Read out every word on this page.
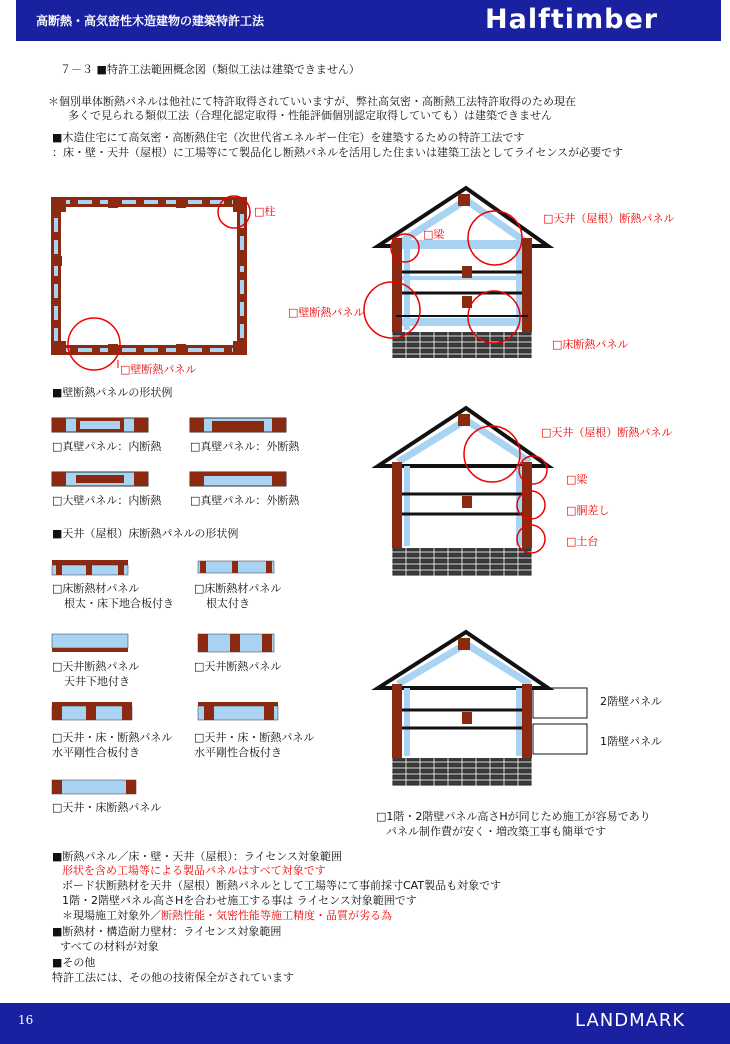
高断熱・高気密性木造建物の建築特許工法	Halftimber
７－３ ■特許工法範囲概念図（類似工法は建築できません）
＊個別単体断熱パネルは他社にて特許取得されていいますが、弊社高気密・高断熱工法特許取得のため現在
多くで見られる類似工法（合理化認定取得・性能評価個別認定取得していても）は建築できません
■木造住宅にて高気密・高断熱住宅（次世代省エネルギー住宅）を建築するための特許工法です
：床・壁・天井（屋根）に工場等にて製品化し断熱パネルを活用した住まいは建築工法としてライセンスが必要です
□柱
□壁断熱パネル
□天井（屋根）断熱パネル
□梁
□壁断熱パネル
□床断熱パネル
□天井（屋根）断熱パネル
□梁
□胴差し
□土台
2階壁パネル
1階壁パネル
□1階・2階壁パネル高さHが同じため施工が容易であり
パネル制作費が安く・増改築工事も簡単です
■壁断熱パネルの形状例
□真壁パネル：内断熱	□真壁パネル：外断熱
□大壁パネル：内断熱	□真壁パネル：外断熱
■天井（屋根）床断熱パネルの形状例
□床断熱材パネル
根太・床下地合板付き
□床断熱材パネル
根太付き
□天井断熱パネル
天井下地付き
□天井断熱パネル
□天井・床・断熱パネル
水平剛性合板付き
□天井・床・断熱パネル
水平剛性合板付き
□天井・床断熱パネル
■断熱パネル／床・壁・天井（屋根）：ライセンス対象範囲
形状を含め工場等による製品パネルはすべて対象です
ボード状断熱材を天井（屋根）断熱パネルとして工場等にて事前採寸CAT製品も対象です
1階・2階壁パネル高さHを合わせ施工する事は ライセンス対象範囲です
＊現場施工対象外／断熱性能・気密性能等施工精度・品質が劣る為
■断熱材・構造耐力壁材：ライセンス対象範囲
すべての材料が対象
■その他
特許工法には、その他の技術保全がされています
16	LANDMARK
